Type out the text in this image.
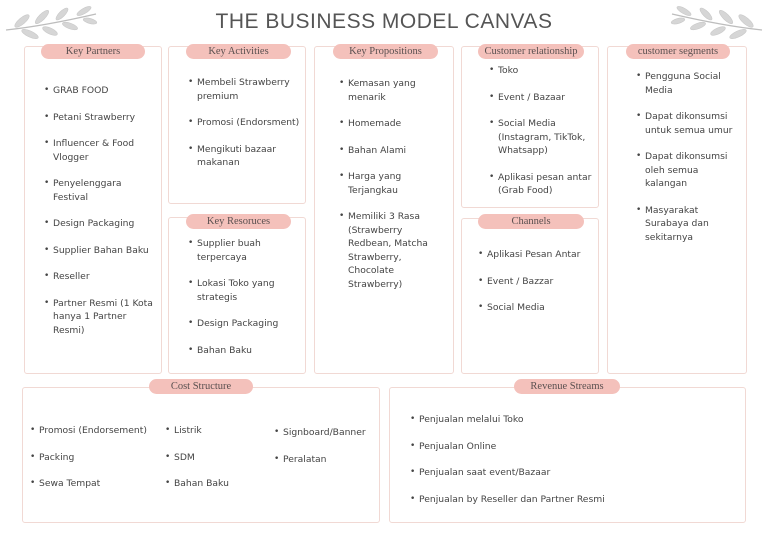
THE BUSINESS MODEL CANVAS
Key Partners
• GRAB FOOD
• Petani Strawberry
• Influencer & Food Vlogger
• Penyelenggara Festival
• Design Packaging
• Supplier Bahan Baku
• Reseller
• Partner Resmi (1 Kota hanya 1 Partner Resmi)
Key Activities
• Membeli Strawberry premium
• Promosi (Endorsment)
• Mengikuti bazaar makanan
Key Resoruces
• Supplier buah terpercaya
• Lokasi Toko yang strategis
• Design Packaging
• Bahan Baku
Key Propositions
• Kemasan yang menarik
• Homemade
• Bahan Alami
• Harga yang Terjangkau
• Memiliki 3 Rasa (Strawberry Redbean, Matcha Strawberry, Chocolate Strawberry)
Customer relationship
• Toko
• Event / Bazaar
• Social Media (Instagram, TikTok, Whatsapp)
• Aplikasi pesan antar (Grab Food)
Channels
• Aplikasi Pesan Antar
• Event / Bazzar
• Social Media
customer segments
• Pengguna Social Media
• Dapat dikonsumsi untuk semua umur
• Dapat dikonsumsi oleh semua kalangan
• Masyarakat Surabaya dan sekitarnya
Cost Structure
• Promosi (Endorsement)
• Packing
• Sewa Tempat
• Listrik
• SDM
• Bahan Baku
• Signboard/Banner
• Peralatan
Revenue Streams
• Penjualan melalui Toko
• Penjualan Online
• Penjualan saat event/Bazaar
• Penjualan by Reseller dan Partner Resmi
